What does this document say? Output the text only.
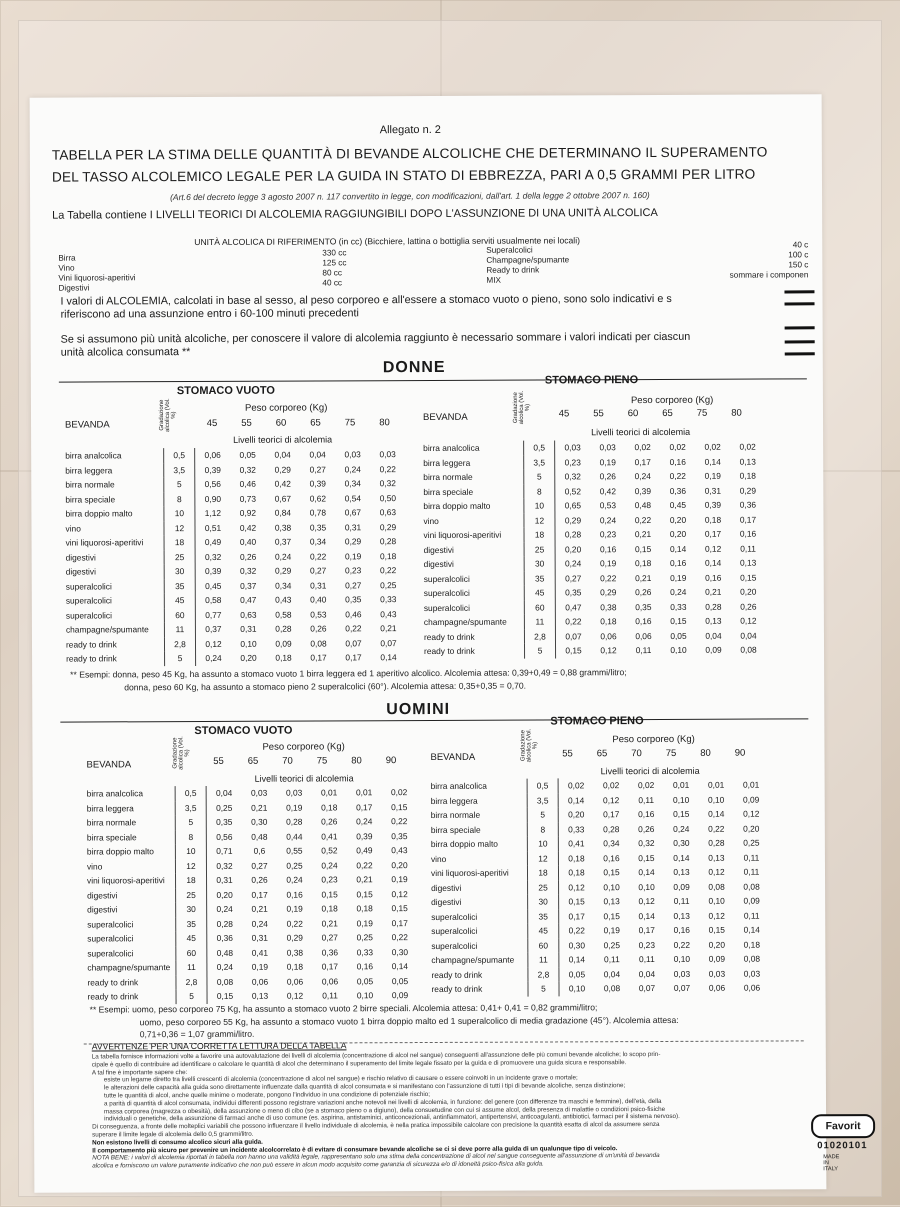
Allegato n. 2
TABELLA PER LA STIMA DELLE QUANTITÀ DI BEVANDE ALCOLICHE CHE DETERMINANO IL SUPERAMENTO
DEL TASSO ALCOLEMICO LEGALE PER LA GUIDA IN STATO DI EBBREZZA, PARI A 0,5 GRAMMI PER LITRO
(Art.6 del decreto legge 3 agosto 2007 n. 117 convertito in legge, con modificazioni, dall'art. 1 della legge 2 ottobre 2007 n. 160)
La Tabella contiene I LIVELLI TEORICI DI ALCOLEMIA RAGGIUNGIBILI DOPO L'ASSUNZIONE DI UNA UNITÀ ALCOLICA
UNITÀ ALCOLICA DI RIFERIMENTO (in cc) (Bicchiere, lattina o bottiglia serviti usualmente nei locali)
Birra
330 cc
Vino
125 cc
Vini liquorosi-aperitivi
80 cc
Digestivi
40 cc
Superalcolici
40 c
Champagne/spumante
100 c
Ready to drink
150 c
MIX
sommare i componen
I valori di ALCOLEMIA, calcolati in base al sesso, al peso corporeo e all'essere a stomaco vuoto o pieno, sono solo indicativi e s
riferiscono ad una assunzione entro i 60-100 minuti precedenti
Se si assumono più unità alcoliche, per conoscere il valore di alcolemia raggiunto è necessario sommare i valori indicati per ciascun
unità alcolica consumata **
DONNE
STOMACO VUOTO
STOMACO PIENO
Peso corporeo (Kg)
Peso corporeo (Kg)
BEVANDA
BEVANDA
45	55	60	65	75	80
45	55	60	65	75	80
Livelli teorici di alcolemia
Livelli teorici di alcolemia
Gradazione alcolica (Vol. %)	Gradazione alcolica (Vol. %)
birra analcolica	0,5	0,06	0,05	0,04	0,04	0,03	0,03
birra leggera	3,5	0,39	0,32	0,29	0,27	0,24	0,22
birra normale	5	0,56	0,46	0,42	0,39	0,34	0,32
birra speciale	8	0,90	0,73	0,67	0,62	0,54	0,50
birra doppio malto	10	1,12	0,92	0,84	0,78	0,67	0,63
vino	12	0,51	0,42	0,38	0,35	0,31	0,29
vini liquorosi-aperitivi	18	0,49	0,40	0,37	0,34	0,29	0,28
digestivi	25	0,32	0,26	0,24	0,22	0,19	0,18
digestivi	30	0,39	0,32	0,29	0,27	0,23	0,22
superalcolici	35	0,45	0,37	0,34	0,31	0,27	0,25
superalcolici	45	0,58	0,47	0,43	0,40	0,35	0,33
superalcolici	60	0,77	0,63	0,58	0,53	0,46	0,43
champagne/spumante	11	0,37	0,31	0,28	0,26	0,22	0,21
ready to drink	2,8	0,12	0,10	0,09	0,08	0,07	0,07
ready to drink	5	0,24	0,20	0,18	0,17	0,17	0,14
birra analcolica	0,5	0,03	0,03	0,02	0,02	0,02	0,02
birra leggera	3,5	0,23	0,19	0,17	0,16	0,14	0,13
birra normale	5	0,32	0,26	0,24	0,22	0,19	0,18
birra speciale	8	0,52	0,42	0,39	0,36	0,31	0,29
birra doppio malto	10	0,65	0,53	0,48	0,45	0,39	0,36
vino	12	0,29	0,24	0,22	0,20	0,18	0,17
vini liquorosi-aperitivi	18	0,28	0,23	0,21	0,20	0,17	0,16
digestivi	25	0,20	0,16	0,15	0,14	0,12	0,11
digestivi	30	0,24	0,19	0,18	0,16	0,14	0,13
superalcolici	35	0,27	0,22	0,21	0,19	0,16	0,15
superalcolici	45	0,35	0,29	0,26	0,24	0,21	0,20
superalcolici	60	0,47	0,38	0,35	0,33	0,28	0,26
champagne/spumante	11	0,22	0,18	0,16	0,15	0,13	0,12
ready to drink	2,8	0,07	0,06	0,06	0,05	0,04	0,04
ready to drink	5	0,15	0,12	0,11	0,10	0,09	0,08
** Esempi: donna, peso 45 Kg, ha assunto a stomaco vuoto 1 birra leggera ed 1 aperitivo alcolico. Alcolemia attesa: 0,39+0,49 = 0,88 grammi/litro;
donna, peso 60 Kg, ha assunto a stomaco pieno 2 superalcolici (60°). Alcolemia attesa: 0,35+0,35 = 0,70.
UOMINI
STOMACO VUOTO
STOMACO PIENO
Peso corporeo (Kg)
Peso corporeo (Kg)
BEVANDA
BEVANDA
55	65	70	75	80	90
55	65	70	75	80	90
Livelli teorici di alcolemia
Livelli teorici di alcolemia
Gradazione alcolica (Vol. %)	Gradazione alcolica (Vol. %)
birra analcolica	0,5	0,04	0,03	0,03	0,01	0,01	0,02
birra leggera	3,5	0,25	0,21	0,19	0,18	0,17	0,15
birra normale	5	0,35	0,30	0,28	0,26	0,24	0,22
birra speciale	8	0,56	0,48	0,44	0,41	0,39	0,35
birra doppio malto	10	0,71	0,6	0,55	0,52	0,49	0,43
vino	12	0,32	0,27	0,25	0,24	0,22	0,20
vini liquorosi-aperitivi	18	0,31	0,26	0,24	0,23	0,21	0,19
digestivi	25	0,20	0,17	0,16	0,15	0,15	0,12
digestivi	30	0,24	0,21	0,19	0,18	0,18	0,15
superalcolici	35	0,28	0,24	0,22	0,21	0,19	0,17
superalcolici	45	0,36	0,31	0,29	0,27	0,25	0,22
superalcolici	60	0,48	0,41	0,38	0,36	0,33	0,30
champagne/spumante	11	0,24	0,19	0,18	0,17	0,16	0,14
ready to drink	2,8	0,08	0,06	0,06	0,06	0,05	0,05
ready to drink	5	0,15	0,13	0,12	0,11	0,10	0,09
birra analcolica	0,5	0,02	0,02	0,02	0,01	0,01	0,01
birra leggera	3,5	0,14	0,12	0,11	0,10	0,10	0,09
birra normale	5	0,20	0,17	0,16	0,15	0,14	0,12
birra speciale	8	0,33	0,28	0,26	0,24	0,22	0,20
birra doppio malto	10	0,41	0,34	0,32	0,30	0,28	0,25
vino	12	0,18	0,16	0,15	0,14	0,13	0,11
vini liquorosi-aperitivi	18	0,18	0,15	0,14	0,13	0,12	0,11
digestivi	25	0,12	0,10	0,10	0,09	0,08	0,08
digestivi	30	0,15	0,13	0,12	0,11	0,10	0,09
superalcolici	35	0,17	0,15	0,14	0,13	0,12	0,11
superalcolici	45	0,22	0,19	0,17	0,16	0,15	0,14
superalcolici	60	0,30	0,25	0,23	0,22	0,20	0,18
champagne/spumante	11	0,14	0,11	0,11	0,10	0,09	0,08
ready to drink	2,8	0,05	0,04	0,04	0,03	0,03	0,03
ready to drink	5	0,10	0,08	0,07	0,07	0,06	0,06
** Esempi: uomo, peso corporeo 75 Kg, ha assunto a stomaco vuoto 2 birre speciali. Alcolemia attesa: 0,41+ 0,41 = 0,82 grammi/litro;
uomo, peso corporeo 55 Kg, ha assunto a stomaco vuoto 1 birra doppio malto ed 1 superalcolico di media gradazione (45°). Alcolemia attesa:
0,71+0,36 = 1,07 grammi/litro.
AVVERTENZE PER UNA CORRETTA LETTURA DELLA TABELLA
La tabella fornisce informazioni volte a favorire una autovalutazione dei livelli di alcolemia (concentrazione di alcol nel sangue) conseguenti all'assunzione delle più comuni bevande alcoliche; lo scopo prin-
cipale è quello di contribuire ad identificare o calcolare le quantità di alcol che determinano il superamento del limite legale fissato per la guida e di promuovere una guida sicura e responsabile.
A tal fine è importante sapere che:
esiste un legame diretto tra livelli crescenti di alcolemia (concentrazione di alcol nel sangue) e rischio relativo di causare o essere coinvolti in un incidente grave o mortale;
le alterazioni delle capacità alla guida sono direttamente influenzate dalla quantità di alcol consumata e si manifestano con l'assunzione di tutti i tipi di bevande alcoliche, senza distinzione;
tutte le quantità di alcol, anche quelle minime o moderate, pongono l'individuo in una condizione di potenziale rischio;
a parità di quantità di alcol consumata, individui differenti possono registrare variazioni anche notevoli nei livelli di alcolemia, in funzione: del genere (con differenze tra maschi e femmine), dell'età, della
massa corporea (magrezza o obesità), della assunzione o meno di cibo (se a stomaco pieno o a digiuno), della consuetudine con cui si assume alcol, della presenza di malattie o condizioni psico-fisiche
individuali o genetiche, della assunzione di farmaci anche di uso comune (es. aspirina, antistaminici, anticoncezionali, antinfiammatori, antipertensivi, anticoagulanti, antibiotici, farmaci per il sistema nervoso).
Di conseguenza, a fronte delle molteplici variabili che possono influenzare il livello individuale di alcolemia, è nella pratica impossibile calcolare con precisione la quantità esatta di alcol da assumere senza
superare il limite legale di alcolemia dello 0,5 grammi/litro.
Non esistono livelli di consumo alcolico sicuri alla guida.
Il comportamento più sicuro per prevenire un incidente alcolcorrelato è di evitare di consumare bevande alcoliche se ci si deve porre alla guida di un qualunque tipo di veicolo.
NOTA BENE: i valori di alcolemia riportati in tabella non hanno una validità legale, rappresentano solo una stima della concentrazione di alcol nel sangue conseguente all'assunzione di un'unità di bevanda
alcolica e forniscono un valore puramente indicativo che non può essere in alcun modo acquisito come garanzia di sicurezza e/o di idoneità psico-fisica alla guida.
Favorit
01020101
MADE IN ITALY
